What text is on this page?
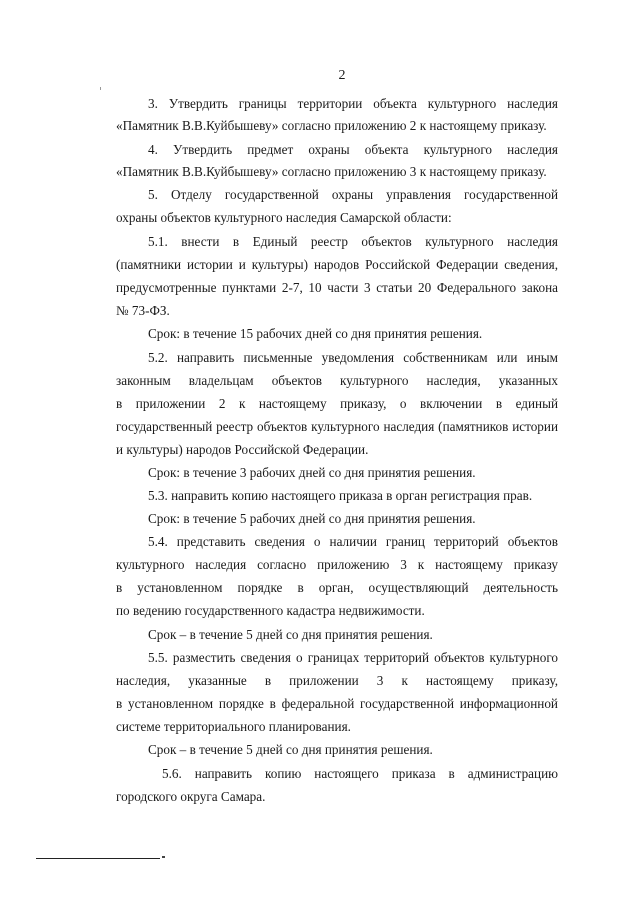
2
3. Утвердить границы территории объекта культурного наследия
«Памятник В.В.Куйбышеву» согласно приложению 2 к настоящему приказу.
4. Утвердить предмет охраны объекта культурного наследия
«Памятник В.В.Куйбышеву» согласно приложению 3 к настоящему приказу.
5. Отделу государственной охраны управления государственной
охраны объектов культурного наследия Самарской области:
5.1. внести в Единый реестр объектов культурного наследия
(памятники истории и культуры) народов Российской Федерации сведения,
предусмотренные пунктами 2-7, 10 части 3 статьи 20 Федерального закона
№ 73-ФЗ.
Срок: в течение 15 рабочих дней со дня принятия решения.
5.2. направить письменные уведомления собственникам или иным
законным владельцам объектов культурного наследия, указанных
в приложении 2 к настоящему приказу, о включении в единый
государственный реестр объектов культурного наследия (памятников истории
и культуры) народов Российской Федерации.
Срок: в течение 3 рабочих дней со дня принятия решения.
5.3. направить копию настоящего приказа в орган регистрация прав.
Срок: в течение 5 рабочих дней со дня принятия решения.
5.4. представить сведения о наличии границ территорий объектов
культурного наследия согласно приложению 3 к настоящему приказу
в установленном порядке в орган, осуществляющий деятельность
по ведению государственного кадастра недвижимости.
Срок – в течение 5 дней со дня принятия решения.
5.5. разместить сведения о границах территорий объектов культурного
наследия, указанные в приложении 3 к настоящему приказу,
в установленном порядке в федеральной государственной информационной
системе территориального планирования.
Срок – в течение 5 дней со дня принятия решения.
5.6. направить копию настоящего приказа в администрацию
городского округа Самара.
